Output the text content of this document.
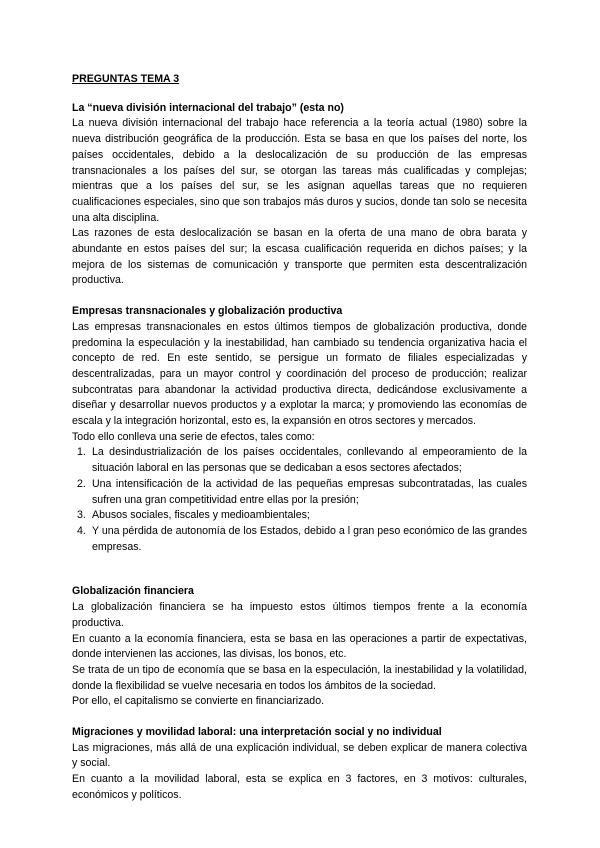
PREGUNTAS TEMA 3
La “nueva división internacional del trabajo” (esta no)

La nueva división internacional del trabajo hace referencia a la teoría actual (1980) sobre la nueva distribución geográfica de la producción. Esta se basa en que los países del norte, los países occidentales, debido a la deslocalización de su producción de las empresas transnacionales a los países del sur, se otorgan las tareas más cualificadas y complejas; mientras que a los países del sur, se les asignan aquellas tareas que no requieren cualificaciones especiales, sino que son trabajos más duros y sucios, donde tan solo se necesita una alta disciplina.

Las razones de esta deslocalización se basan en la oferta de una mano de obra barata y abundante en estos países del sur; la escasa cualificación requerida en dichos países; y la mejora de los sistemas de comunicación y transporte que permiten esta descentralización productiva.

Empresas transnacionales y globalización productiva

Las empresas transnacionales en estos últimos tiempos de globalización productiva, donde predomina la especulación y la inestabilidad, han cambiado su tendencia organizativa hacia el concepto de red. En este sentido, se persigue un formato de filiales especializadas y descentralizadas, para un mayor control y coordinación del proceso de producción; realizar subcontratas para abandonar la actividad productiva directa, dedicándose exclusivamente a diseñar y desarrollar nuevos productos y a explotar la marca; y promoviendo las economías de escala y la integración horizontal, esto es, la expansión en otros sectores y mercados.

Todo ello conlleva una serie de efectos, tales como:

1. La desindustrialización de los países occidentales, conllevando al empeoramiento de la situación laboral en las personas que se dedicaban a esos sectores afectados;
2. Una intensificación de la actividad de las pequeñas empresas subcontratadas, las cuales sufren una gran competitividad entre ellas por la presión;
3. Abusos sociales, fiscales y medioambientales;
4. Y una pérdida de autonomía de los Estados, debido a l gran peso económico de las grandes empresas.
Globalización financiera

La globalización financiera se ha impuesto estos últimos tiempos frente a la economía productiva.

En cuanto a la economía financiera, esta se basa en las operaciones a partir de expectativas, donde intervienen las acciones, las divisas, los bonos, etc.

Se trata de un tipo de economía que se basa en la especulación, la inestabilidad y la volatilidad, donde la flexibilidad se vuelve necesaria en todos los ámbitos de la sociedad.

Por ello, el capitalismo se convierte en financiarizado.

Migraciones y movilidad laboral: una interpretación social y no individual

Las migraciones, más allá de una explicación individual, se deben explicar de manera colectiva y social.

En cuanto a la movilidad laboral, esta se explica en 3 factores, en 3 motivos: culturales, económicos y políticos.
